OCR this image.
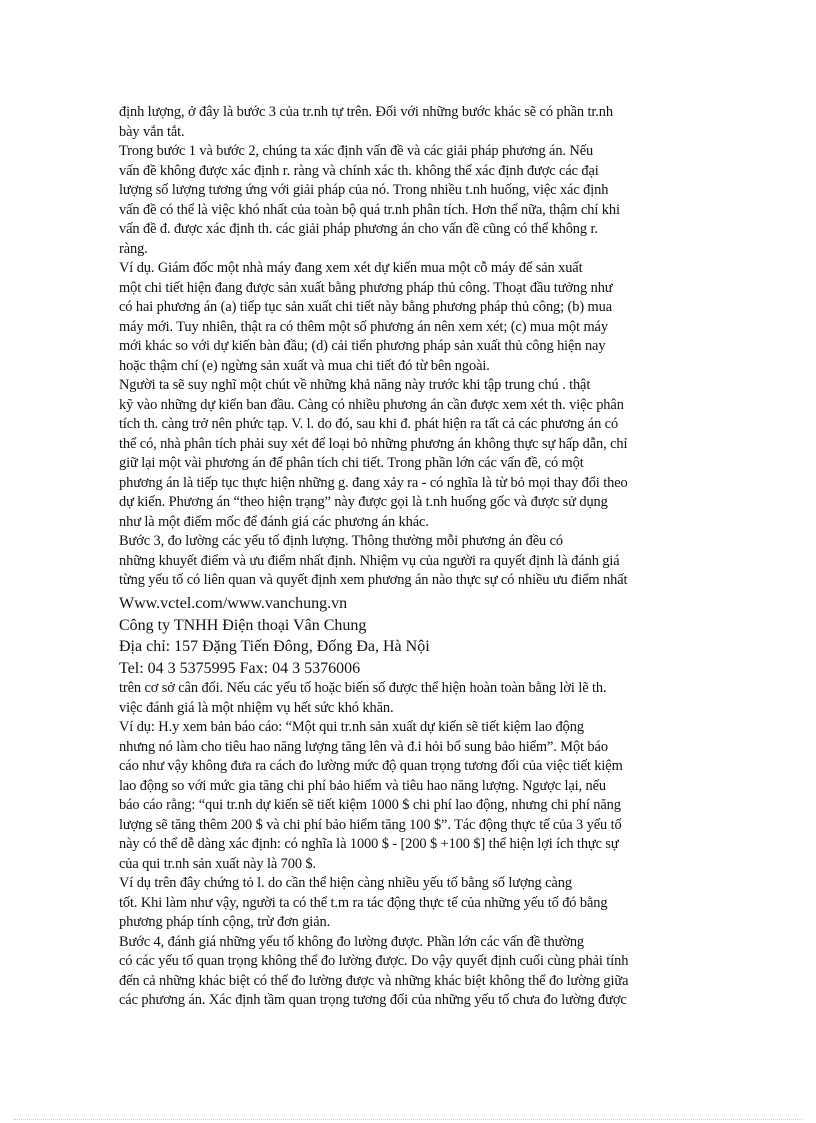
định lượng, ở đây là bước 3 của tr.nh tự trên. Đối với những bước khác sẽ có phần tr.nh
bày vắn tắt.
Trong bước 1 và bước 2, chúng ta xác định vấn đề và các giải pháp phương án. Nếu
vấn đề không được xác định r. ràng và chính xác th. không thể xác định được các đại
lượng số lượng tương ứng với giải pháp của nó. Trong nhiều t.nh huống, việc xác định
vấn đề có thể là việc khó nhất của toàn bộ quá tr.nh phân tích. Hơn thế nữa, thậm chí khi
vấn đề đ. được xác định th. các giải pháp phương án cho vấn đề cũng có thể không r.
ràng.
Ví dụ. Giám đốc một nhà máy đang xem xét dự kiến mua một cỗ máy để sản xuất
một chi tiết hiện đang được sản xuất bằng phương pháp thủ công. Thoạt đầu tưởng như
có hai phương án (a) tiếp tục sản xuất chi tiết này bằng phương pháp thủ công; (b) mua
máy mới. Tuy nhiên, thật ra có thêm một số phương án nên xem xét; (c) mua một máy
mới khác so với dự kiến bàn đầu; (d) cải tiến phương pháp sản xuất thủ công hiện nay
hoặc thậm chí (e) ngừng sản xuất và mua chi tiết đó từ bên ngoài.
Người ta sẽ suy nghĩ một chút về những khả năng này trước khi tập trung chú . thật
kỹ vào những dự kiến ban đầu. Càng có nhiều phương án cần được xem xét th. việc phân
tích th. càng trở nên phức tạp. V. l. do đó, sau khi đ. phát hiện ra tất cả các phương án có
thể có, nhà phân tích phải suy xét để loại bỏ những phương án không thực sự hấp dẫn, chỉ
giữ lại một vài phương án để phân tích chi tiết. Trong phần lớn các vấn đề, có một
phương án là tiếp tục thực hiện những g. đang xảy ra - có nghĩa là từ bỏ mọi thay đổi theo
dự kiến. Phương án “theo hiện trạng” này được gọi là t.nh huống gốc và được sử dụng
như là một điểm mốc để đánh giá các phương án khác.
Bước 3, đo lường các yếu tố định lượng. Thông thường mỗi phương án đều có
những khuyết điểm và ưu điểm nhất định. Nhiệm vụ của người ra quyết định là đánh giá
từng yếu tố có liên quan và quyết định xem phương án nào thực sự có nhiều ưu điểm nhất
Www.vctel.com/www.vanchung.vn
Công ty TNHH Điện thoại Vân Chung
Địa chỉ: 157 Đặng Tiến Đông, Đống Đa, Hà Nội
Tel: 04 3 5375995 Fax: 04 3 5376006
trên cơ sở cân đối. Nếu các yếu tố hoặc biến số được thể hiện hoàn toàn bằng lời lẽ th.
việc đánh giá là một nhiệm vụ hết sức khó khăn.
Ví dụ: H.y xem bản báo cáo: “Một qui tr.nh sản xuất dự kiến sẽ tiết kiệm lao động
nhưng nó làm cho tiêu hao năng lượng tăng lên và đ.i hỏi bổ sung bảo hiểm”. Một báo
cáo như vậy không đưa ra cách đo lường mức độ quan trọng tương đối của việc tiết kiệm
lao động so với mức gia tăng chi phí bảo hiểm và tiêu hao năng lượng. Ngược lại, nếu
báo cáo rằng: “qui tr.nh dự kiến sẽ tiết kiệm 1000 $ chi phí lao động, nhưng chi phí năng
lượng sẽ tăng thêm 200 $ và chi phí bảo hiểm tăng 100 $”. Tác động thực tế của 3 yếu tố
này có thể dễ dàng xác định: có nghĩa là 1000 $ - [200 $ +100 $] thể hiện lợi ích thực sự
của qui tr.nh sản xuất này là 700 $.
Ví dụ trên đây chứng tỏ l. do cần thể hiện càng nhiều yếu tố bằng số lượng càng
tốt. Khi làm như vậy, người ta có thể t.m ra tác động thực tế của những yếu tố đó bằng
phương pháp tính cộng, trừ đơn giản.
Bước 4, đánh giá những yếu tố không đo lường được. Phần lớn các vấn đề thường
có các yếu tố quan trọng không thể đo lường được. Do vậy quyết định cuối cùng phải tính
đến cả những khác biệt có thể đo lường được và những khác biệt không thể đo lường giữa
các phương án. Xác định tầm quan trọng tương đối của những yếu tố chưa đo lường được
